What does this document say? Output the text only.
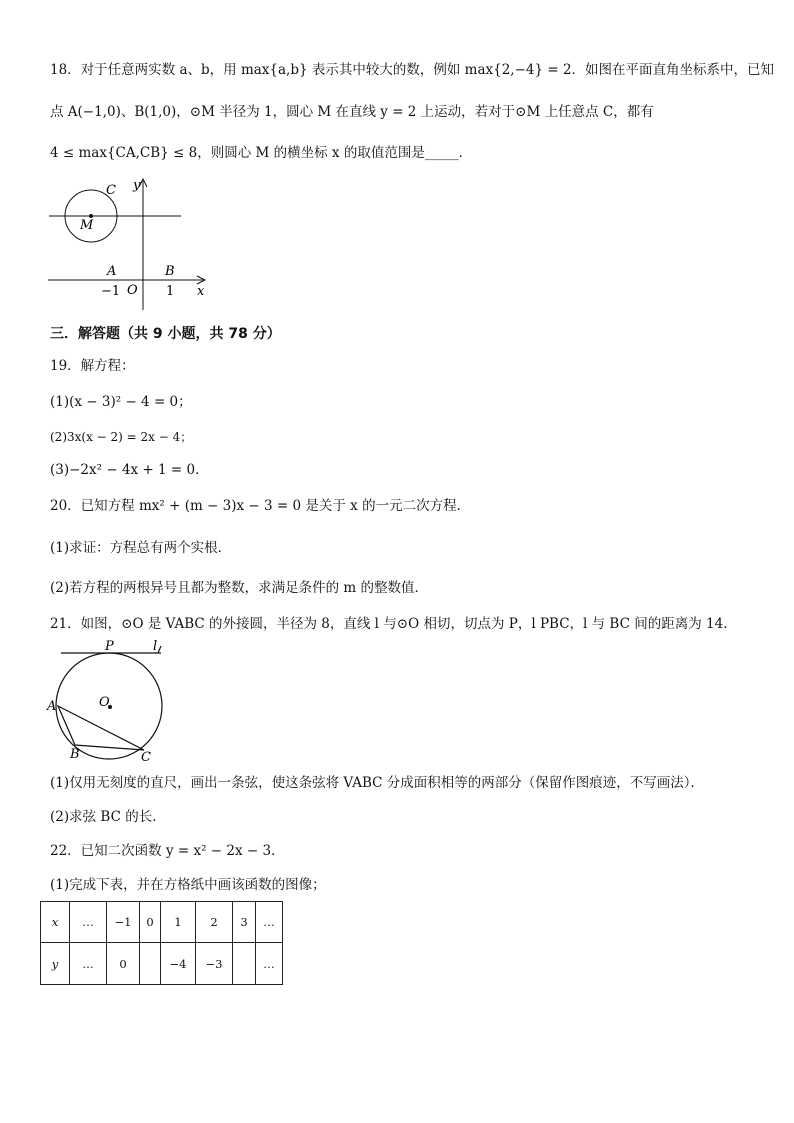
18．对于任意两实数 a、b，用 max{a,b} 表示其中较大的数，例如 max{2,−4} = 2．如图在平面直角坐标系中，已知
点 A(−1,0)、B(1,0)，⊙M 半径为 1，圆心 M 在直线 y = 2 上运动，若对于⊙M 上任意点 C，都有
4 ≤ max{CA,CB} ≤ 8，则圆心 M 的横坐标 x 的取值范围是_____．
C
M
y
A	B
−1 O 1 x
三．解答题（共 9 小题，共 78 分）
19．解方程：
(1)(x − 3)² − 4 = 0；
(2)3x(x − 2) = 2x − 4；
(3)−2x² − 4x + 1 = 0．
20．已知方程 mx² + (m − 3)x − 3 = 0 是关于 x 的一元二次方程．
(1)求证：方程总有两个实根．
(2)若方程的两根异号且都为整数，求满足条件的 m 的整数值．
21．如图，⊙O 是 VABC 的外接圆，半径为 8，直线 l 与⊙O 相切，切点为 P，l PBC，l 与 BC 间的距离为 14．
P	l
O
A
B	C
(1)仅用无刻度的直尺，画出一条弦，使这条弦将 VABC 分成面积相等的两部分（保留作图痕迹，不写画法）．
(2)求弦 BC 的长．
22．已知二次函数 y = x² − 2x − 3．
(1)完成下表，并在方格纸中画该函数的图像；
x	…	−1	0	1	2	3	…
y	…	0		−4	−3		…
